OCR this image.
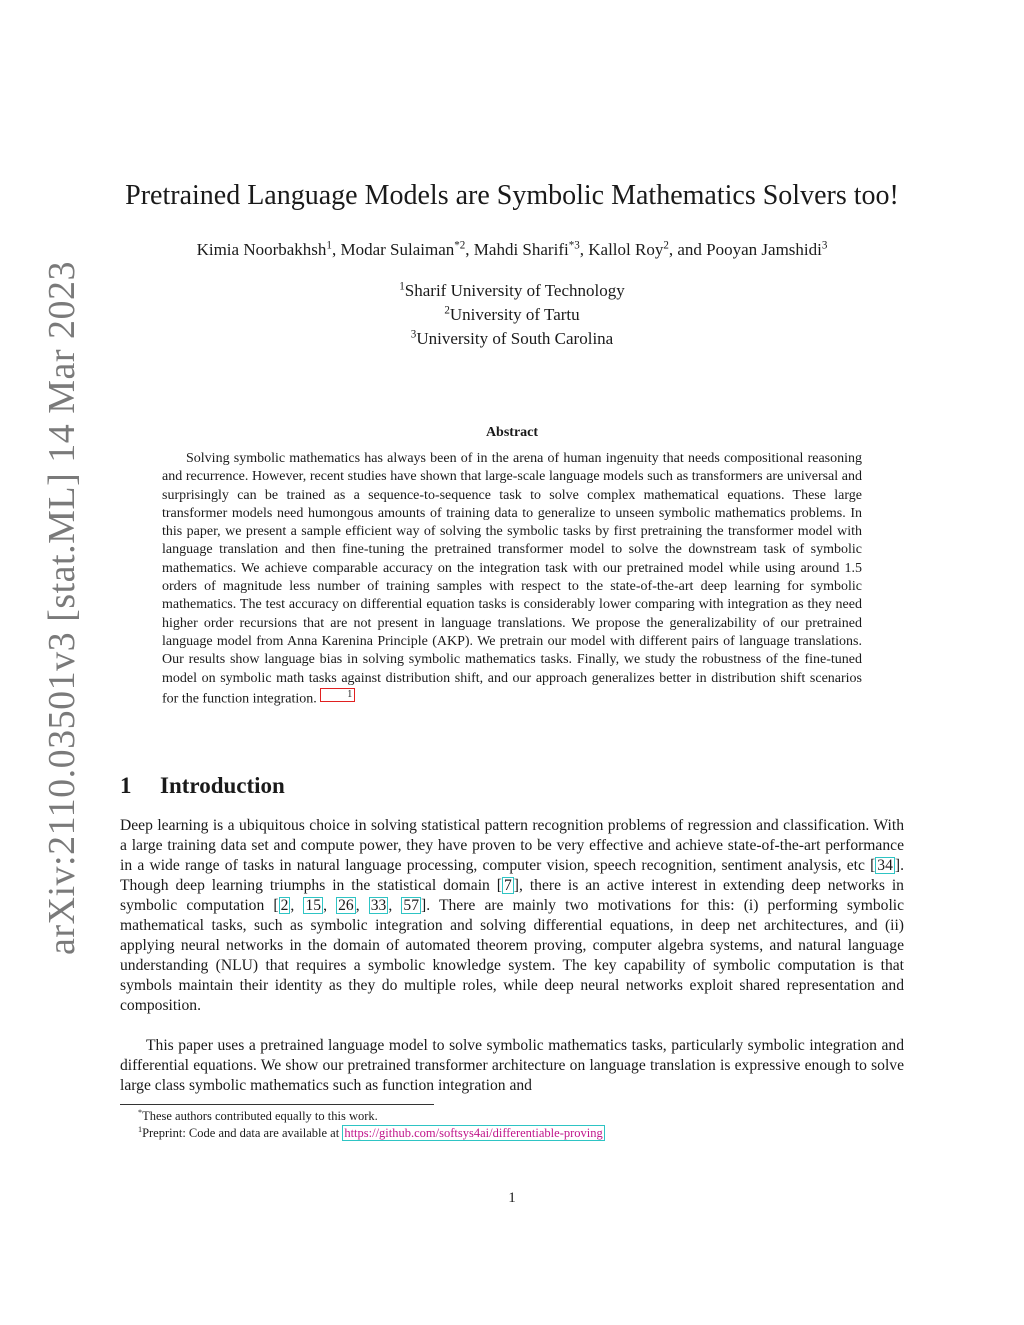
arXiv:2110.03501v3 [stat.ML] 14 Mar 2023
Pretrained Language Models are Symbolic Mathematics Solvers too!
Kimia Noorbakhsh$^1$, Modar Sulaiman$^{*2}$, Mahdi Sharifi$^{*3}$, Kallol Roy$^2$, and Pooyan Jamshidi$^3$
$^1$Sharif University of Technology
$^2$University of Tartu
$^3$University of South Carolina
Abstract

Solving symbolic mathematics has always been of in the arena of human ingenuity that needs compositional reasoning and recurrence. However, recent studies have shown that large-scale language models such as transformers are universal and surprisingly can be trained as a sequence-to-sequence task to solve complex mathematical equations. These large transformer models need humongous amounts of training data to generalize to unseen symbolic mathematics problems. In this paper, we present a sample efficient way of solving the symbolic tasks by first pretraining the transformer model with language translation and then fine-tuning the pretrained transformer model to solve the downstream task of symbolic mathematics. We achieve comparable accuracy on the integration task with our pretrained model while using around 1.5 orders of magnitude less number of training samples with respect to the state-of-the-art deep learning for symbolic mathematics. The test accuracy on differential equation tasks is considerably lower comparing with integration as they need higher order recursions that are not present in language translations. We propose the generalizability of our pretrained language model from Anna Karenina Principle (AKP). We pretrain our model with different pairs of language translations. Our results show language bias in solving symbolic mathematics tasks. Finally, we study the robustness of the fine-tuned model on symbolic math tasks against distribution shift, and our approach generalizes better in distribution shift scenarios for the function integration.	1

1 Introduction

Deep learning is a ubiquitous choice in solving statistical pattern recognition problems of regression and classification. With a large training data set and compute power, they have proven to be very effective and achieve state-of-the-art performance in a wide range of tasks in natural language processing, computer vision, speech recognition, sentiment analysis, etc [ 34 ]. Though deep learning triumphs in the statistical domain [ 7 ], there is an active interest in extending deep networks in symbolic computation [ 2 , 15 , 26 , 33 , 57 ]. There are mainly two motivations for this: (i) performing symbolic mathematical tasks, such as symbolic integration and solving differential equations, in deep net architectures, and (ii) applying neural networks in the domain of automated theorem proving, computer algebra systems, and natural language understanding (NLU) that requires a symbolic knowledge system. The key capability of symbolic computation is that symbols maintain their identity as they do multiple roles, while deep neural networks exploit shared representation and composition.

This paper uses a pretrained language model to solve symbolic mathematics tasks, particularly symbolic integration and differential equations. We show our pretrained transformer architecture on language translation is expressive enough to solve large class symbolic mathematics such as function integration and

*These authors contributed equally to this work.
$^1$Preprint: Code and data are available at https://github.com/softsys4ai/differentiable-proving
1
